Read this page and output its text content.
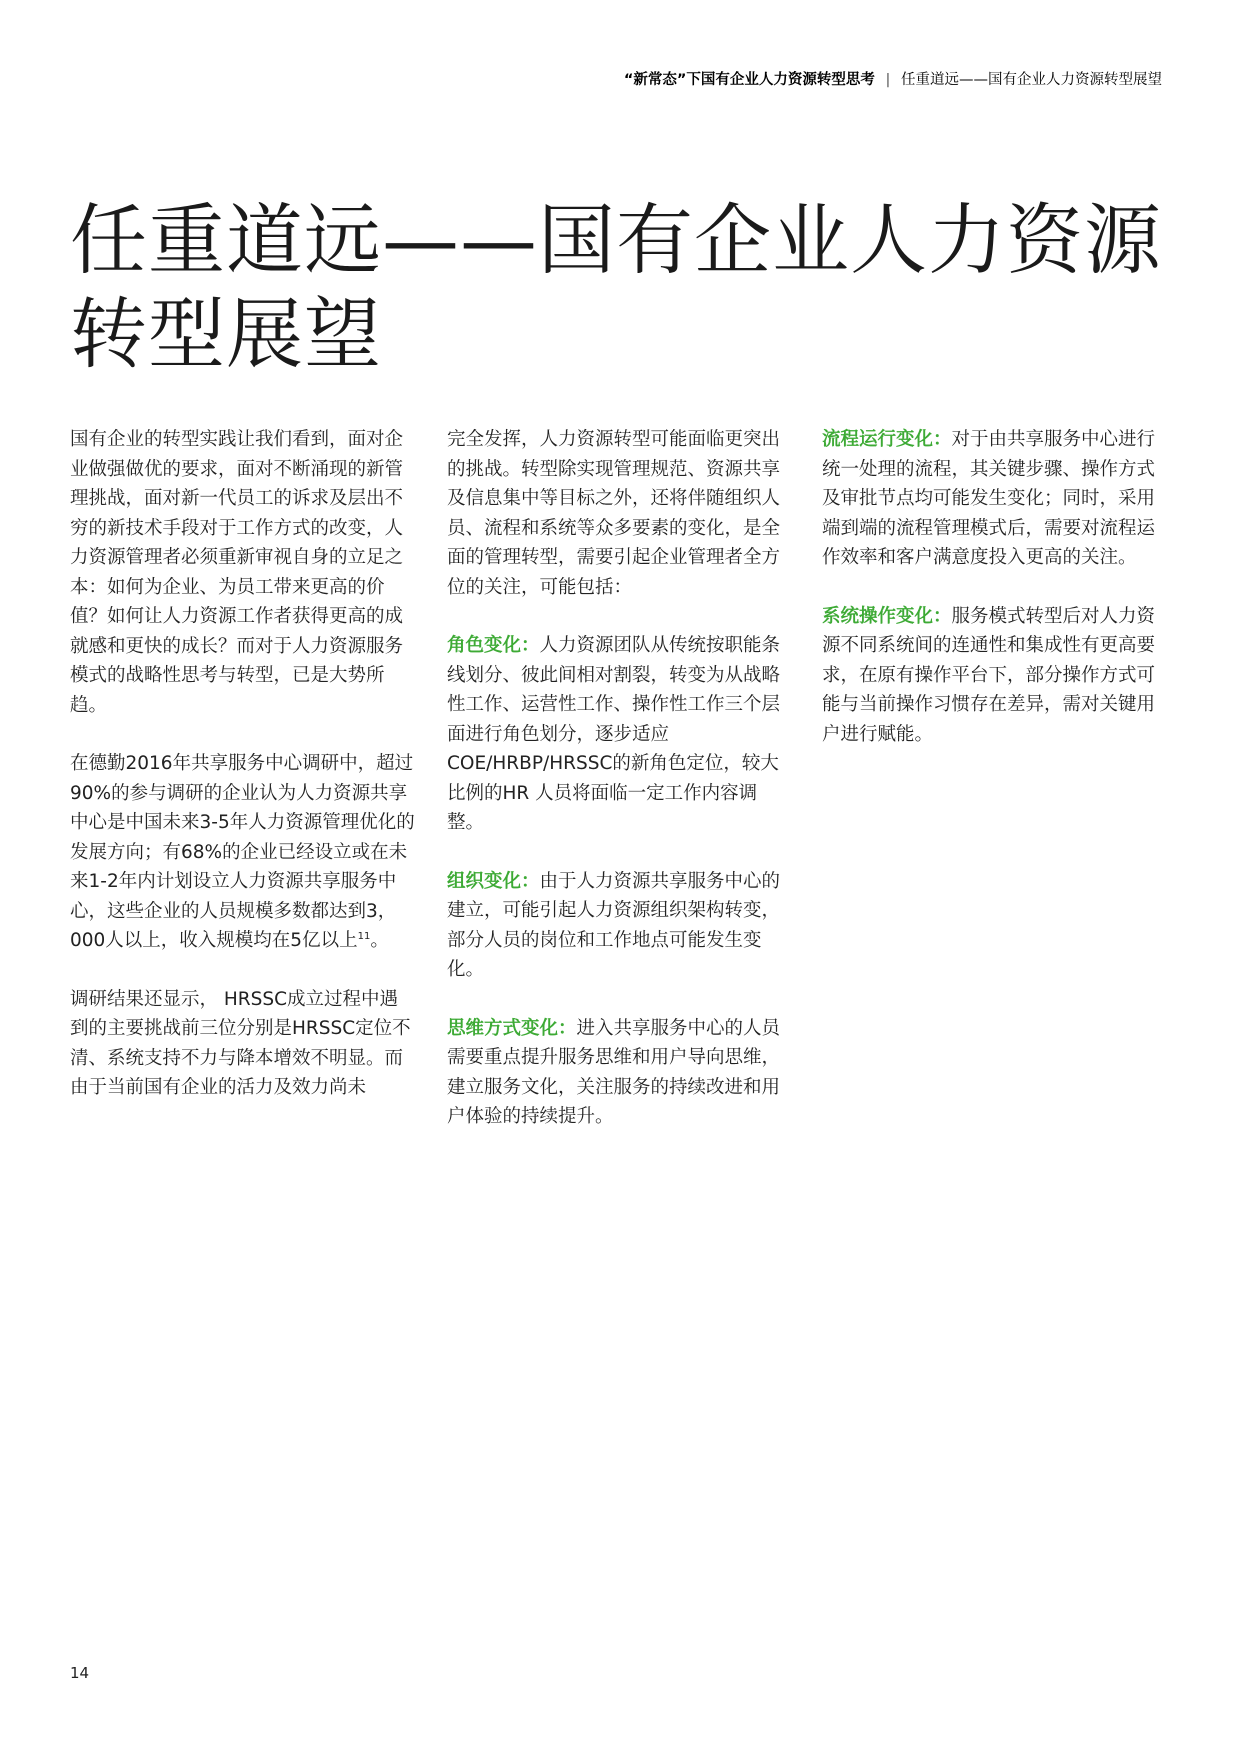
“新常态”下国有企业人力资源转型思考 | 任重道远——国有企业人力资源转型展望
任重道远——国有企业人力资源
转型展望

国有企业的转型实践让我们看到，面对企业做强做优的要求，面对不断涌现的新管理挑战，面对新一代员工的诉求及层出不穷的新技术手段对于工作方式的改变，人力资源管理者必须重新审视自身的立足之本：如何为企业、为员工带来更高的价值？如何让人力资源工作者获得更高的成就感和更快的成长？而对于人力资源服务模式的战略性思考与转型，已是大势所趋。

在德勤2016年共享服务中心调研中，超过90%的参与调研的企业认为人力资源共享中心是中国未来3-5年人力资源管理优化的发展方向；有68%的企业已经设立或在未来1-2年内计划设立人力资源共享服务中心，这些企业的人员规模多数都达到3，000人以上，收入规模均在5亿以上$^{11}$。

调研结果还显示， HRSSC成立过程中遇到的主要挑战前三位分别是HRSSC定位不清、系统支持不力与降本增效不明显。而由于当前国有企业的活力及效力尚未

完全发挥，人力资源转型可能面临更突出的挑战。转型除实现管理规范、资源共享及信息集中等目标之外，还将伴随组织人员、流程和系统等众多要素的变化，是全面的管理转型，需要引起企业管理者全方位的关注，可能包括：

角色变化：人力资源团队从传统按职能条线划分、彼此间相对割裂，转变为从战略性工作、运营性工作、操作性工作三个层面进行角色划分，逐步适应COE/HRBP/HRSSC的新角色定位，较大比例的HR 人员将面临一定工作内容调整。

组织变化：由于人力资源共享服务中心的建立，可能引起人力资源组织架构转变，部分人员的岗位和工作地点可能发生变化。

思维方式变化：进入共享服务中心的人员需要重点提升服务思维和用户导向思维，建立服务文化，关注服务的持续改进和用户体验的持续提升。

流程运行变化：对于由共享服务中心进行统一处理的流程，其关键步骤、操作方式及审批节点均可能发生变化；同时，采用端到端的流程管理模式后，需要对流程运作效率和客户满意度投入更高的关注。

系统操作变化：服务模式转型后对人力资源不同系统间的连通性和集成性有更高要求，在原有操作平台下，部分操作方式可能与当前操作习惯存在差异，需对关键用户进行赋能。

14
